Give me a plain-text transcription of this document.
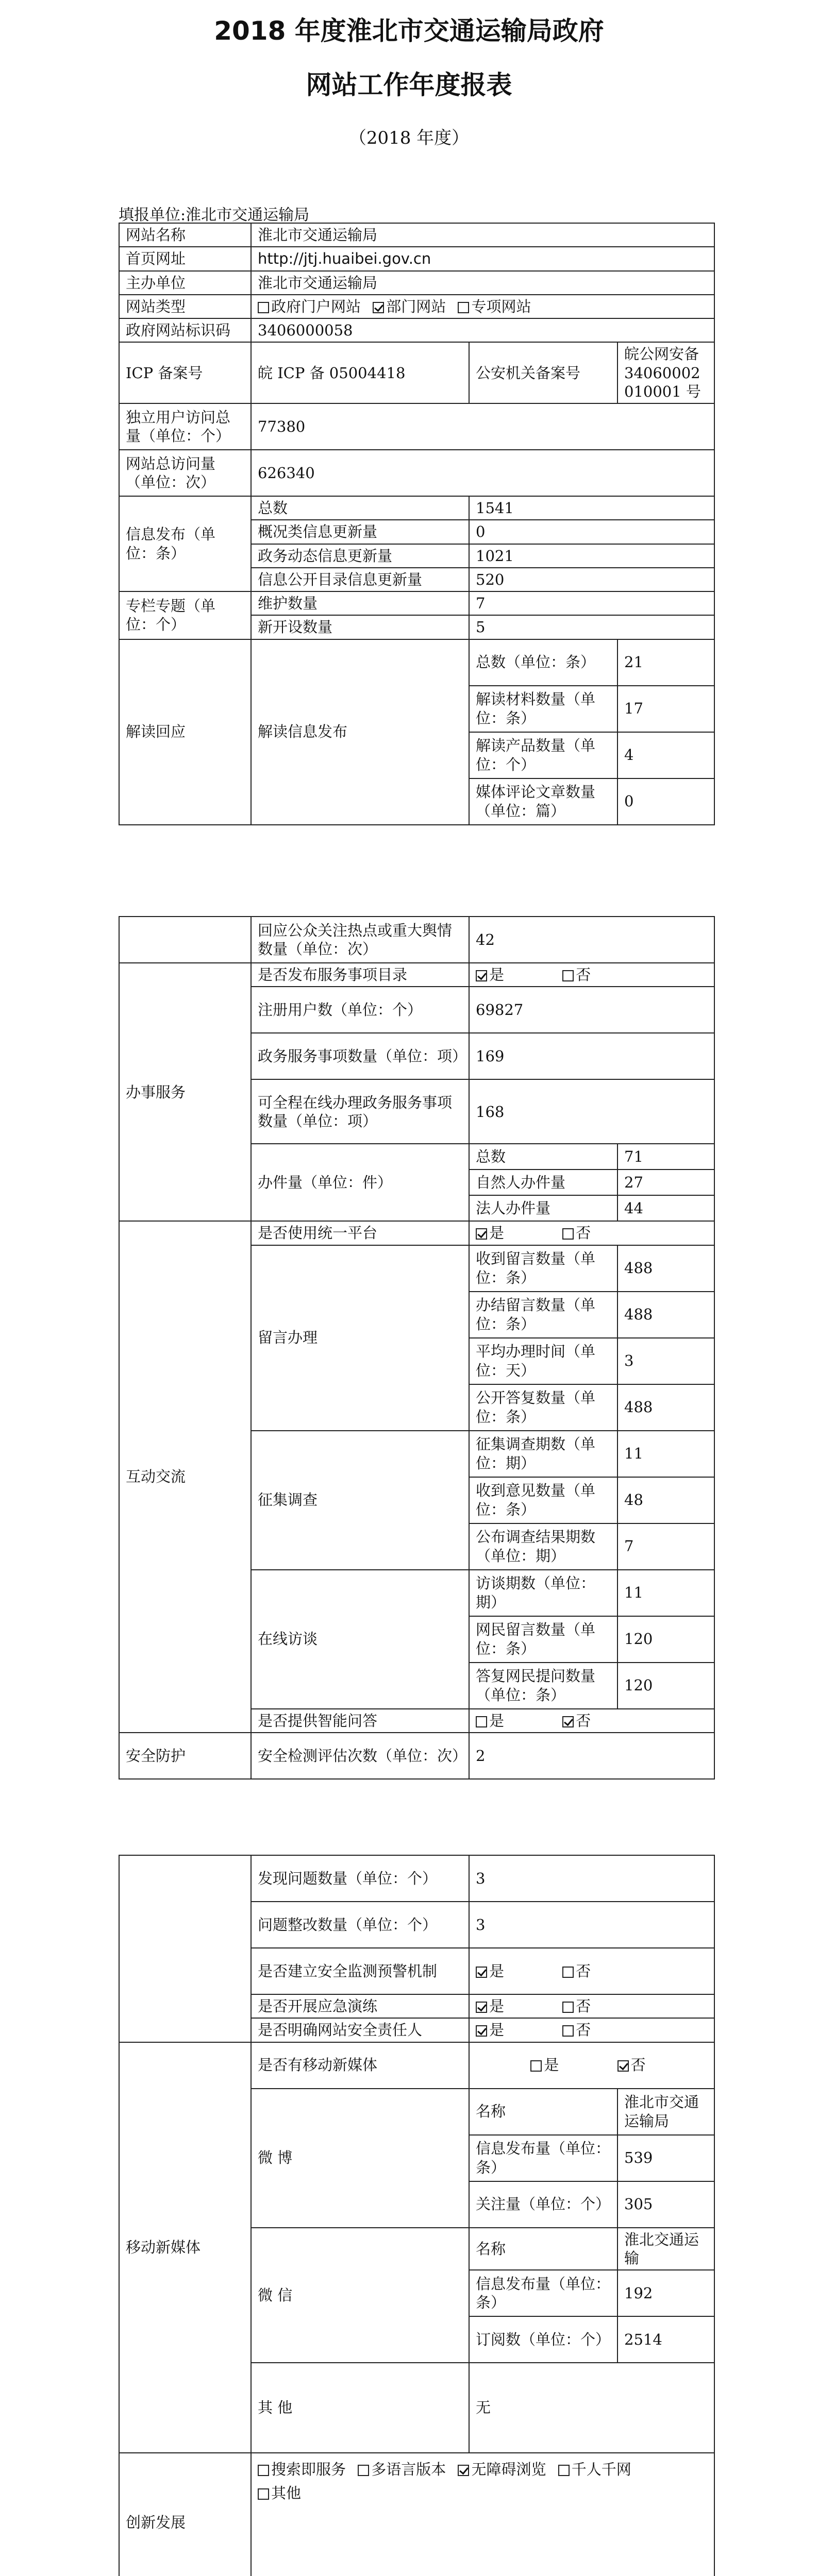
2018 年度淮北市交通运输局政府
网站工作年度报表
（2018 年度）
填报单位:淮北市交通运输局
网站名称	淮北市交通运输局		
首页网址	http://jtj.huaibei.gov.cn		
主办单位	淮北市交通运输局		
网站类型	政府门户网站 部门网站 专项网站		
政府网站标识码	3406000058		
ICP 备案号	皖 ICP 备 05004418	公安机关备案号	皖公网安备 34060002010001 号
独立用户访问总量（单位：个）	77380		
网站总访问量（单位：次）	626340		
信息发布（单位：条）	总数	1541	
	概况类信息更新量	0	
	政务动态信息更新量	1021	
	信息公开目录信息更新量	520	
专栏专题（单位：个）	维护数量	7	
	新开设数量	5	
解读回应	解读信息发布	总数（单位：条）	21
		解读材料数量（单位：条）	17
		解读产品数量（单位：个）	4
		媒体评论文章数量（单位：篇）	0
	回应公众关注热点或重大舆情数量（单位：次）	42	
办事服务	是否发布服务事项目录	是 否	
	注册用户数（单位：个）	69827	
	政务服务事项数量（单位：项）	169	
	可全程在线办理政务服务事项数量（单位：项）	168	
	办件量（单位：件）	总数	71
		自然人办件量	27
		法人办件量	44
互动交流	是否使用统一平台	是 否	
	留言办理	收到留言数量（单位：条）	488
		办结留言数量（单位：条）	488
		平均办理时间（单位：天）	3
		公开答复数量（单位：条）	488
	征集调查	征集调查期数（单位：期）	11
		收到意见数量（单位：条）	48
		公布调查结果期数（单位：期）	7
	在线访谈	访谈期数（单位：期）	11
		网民留言数量（单位：条）	120
		答复网民提问数量（单位：条）	120
	是否提供智能问答	是 否	
安全防护	安全检测评估次数（单位：次）	2	
	发现问题数量（单位：个）	3	
	问题整改数量（单位：个）	3	
	是否建立安全监测预警机制	是 否	
	是否开展应急演练	是 否	
	是否明确网站安全责任人	是 否	
移动新媒体	是否有移动新媒体	是 否	
	微 博	名称	淮北市交通运输局
		信息发布量（单位：条）	539
		关注量（单位：个）	305
	微 信	名称	淮北交通运输
		信息发布量（单位：条）	192
		订阅数（单位：个）	2514
	其 他	无	
创新发展	搜索即服务 多语言版本 无障碍浏览 千人千网
其他		
